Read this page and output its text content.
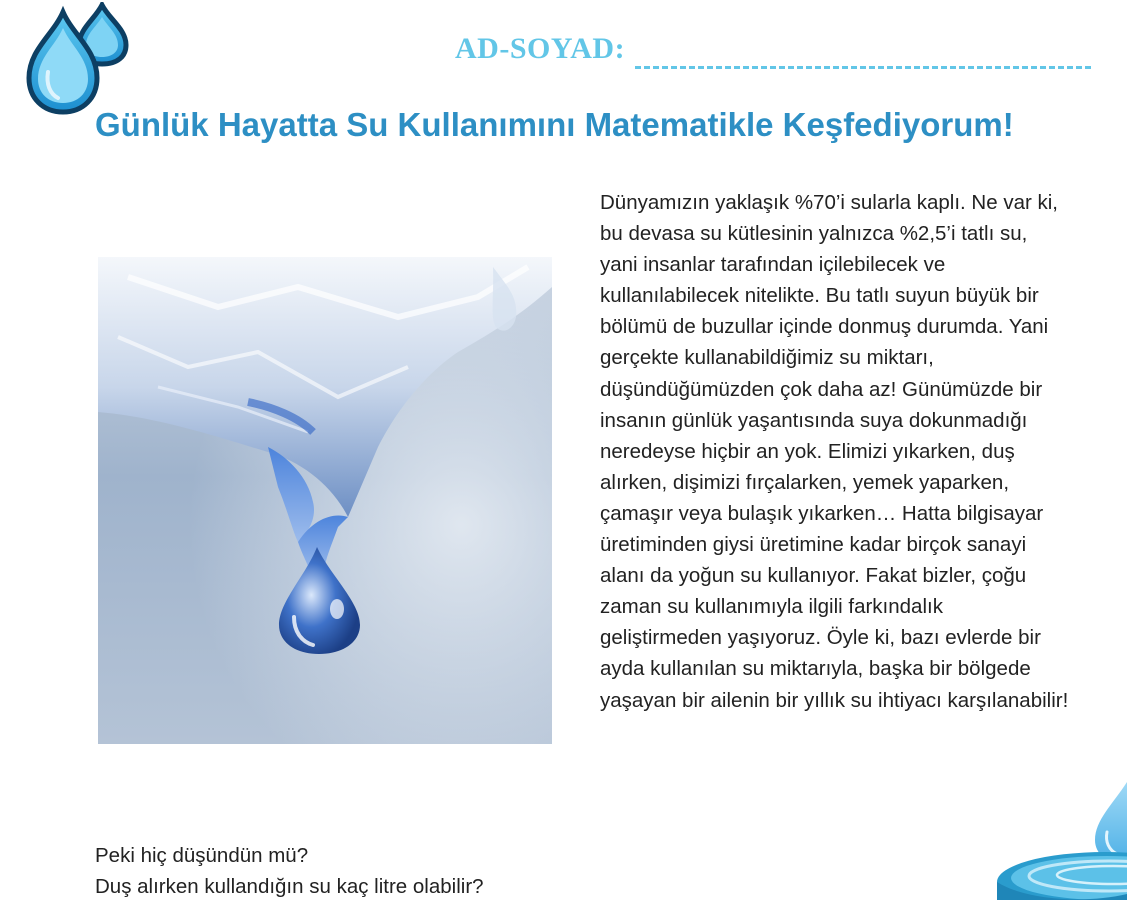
AD-SOYAD:
Günlük Hayatta Su Kullanımını Matematikle Keşfediyorum!

Dünyamızın yaklaşık %70’i sularla kaplı. Ne var ki, bu devasa su kütlesinin yalnızca %2,5’i tatlı su, yani insanlar tarafından içilebilecek ve kullanılabilecek nitelikte. Bu tatlı suyun büyük bir bölümü de buzullar içinde donmuş durumda. Yani gerçekte kullanabildiğimiz su miktarı, düşündüğümüzden çok daha az! Günümüzde bir insanın günlük yaşantısında suya dokunmadığı neredeyse hiçbir an yok. Elimizi yıkarken, duş alırken, dişimizi fırçalarken, yemek yaparken, çamaşır veya bulaşık yıkarken… Hatta bilgisayar üretiminden giysi üretimine kadar birçok sanayi alanı da yoğun su kullanıyor. Fakat bizler, çoğu zaman su kullanımıyla ilgili farkındalık geliştirmeden yaşıyoruz. Öyle ki, bazı evlerde bir ayda kullanılan su miktarıyla, başka bir bölgede yaşayan bir ailenin bir yıllık su ihtiyacı karşılanabilir!

Peki hiç düşündün mü?
Duş alırken kullandığın su kaç litre olabilir?
